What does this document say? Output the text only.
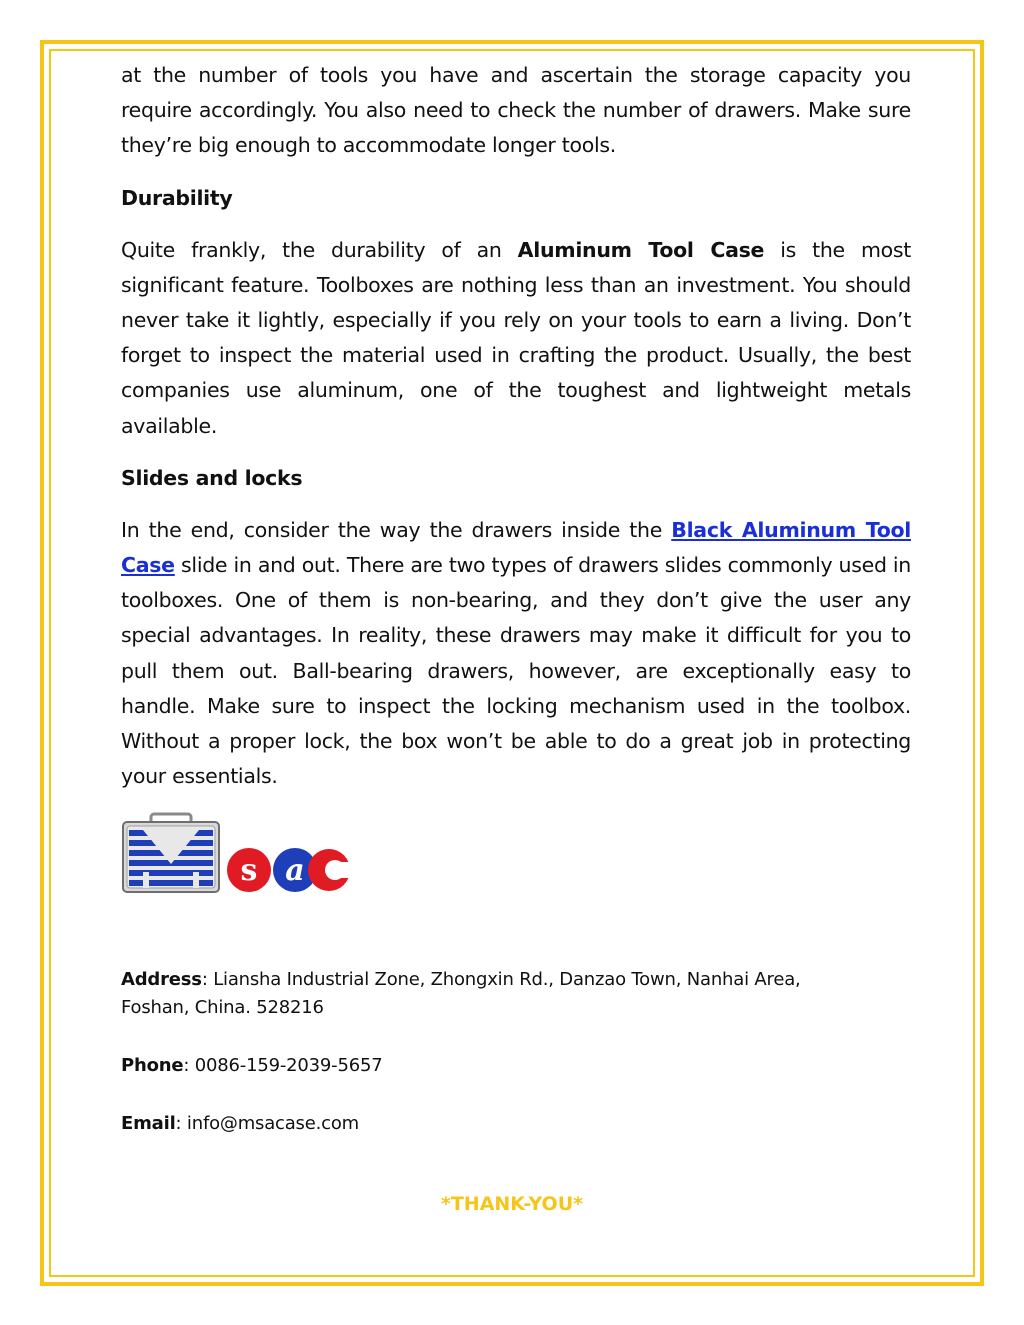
at the number of tools you have and ascertain the storage capacity you require accordingly. You also need to check the number of drawers. Make sure they’re big enough to accommodate longer tools.

Durability

Quite frankly, the durability of an Aluminum Tool Case is the most significant feature. Toolboxes are nothing less than an investment. You should never take it lightly, especially if you rely on your tools to earn a living. Don’t forget to inspect the material used in crafting the product. Usually, the best companies use aluminum, one of the toughest and lightweight metals available.

Slides and locks

In the end, consider the way the drawers inside the Black Aluminum Tool Case slide in and out. There are two types of drawers slides commonly used in toolboxes. One of them is non-bearing, and they don’t give the user any special advantages. In reality, these drawers may make it difficult for you to pull them out. Ball-bearing drawers, however, are exceptionally easy to handle. Make sure to inspect the locking mechanism used in the toolbox. Without a proper lock, the box won’t be able to do a great job in protecting your essentials.

s a
Address: Liansha Industrial Zone, Zhongxin Rd., Danzao Town, Nanhai Area,
Foshan, China. 528216
Phone: 0086-159-2039-5657
Email: info@msacase.com
*THANK-YOU*
